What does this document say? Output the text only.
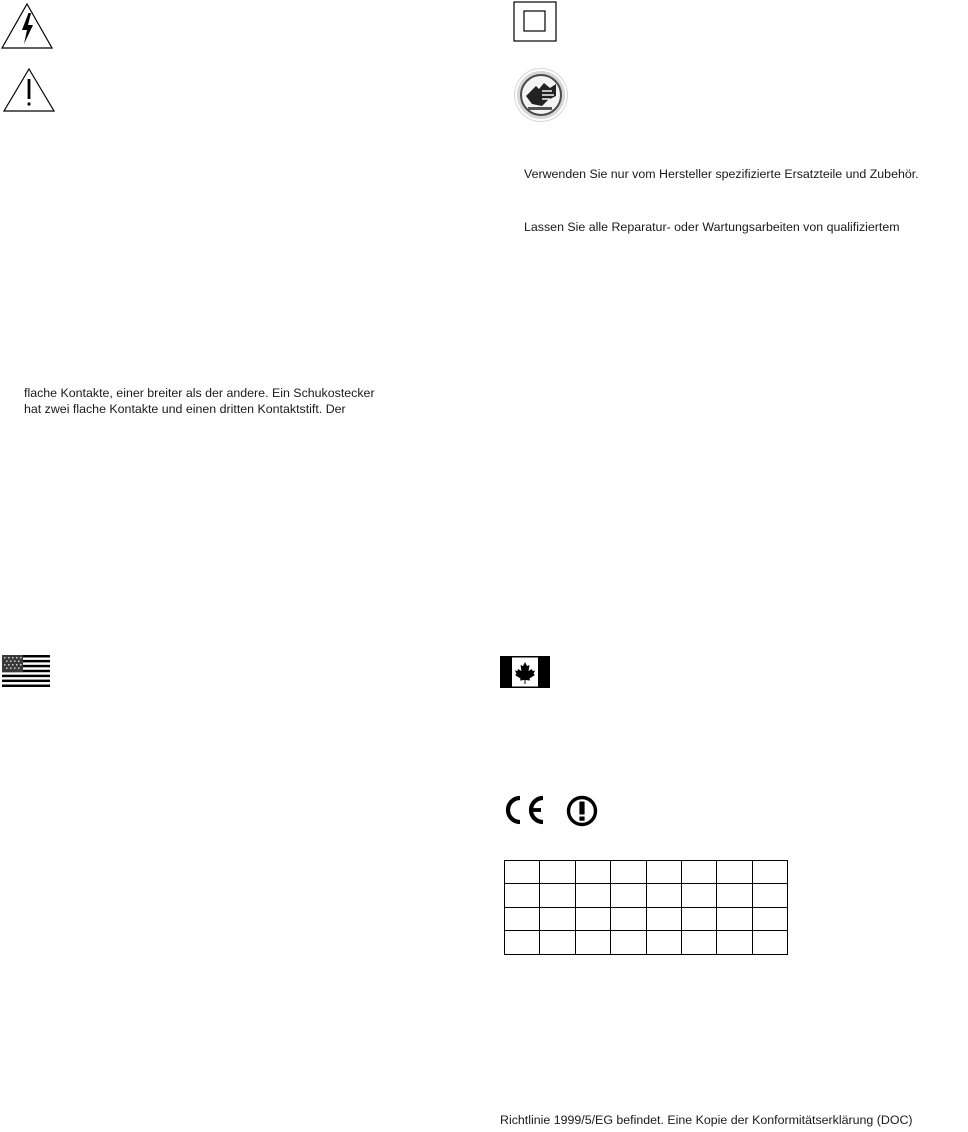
Verwenden Sie nur vom Hersteller spezifizierte Ersatzteile und Zubehör.
Lassen Sie alle Reparatur- oder Wartungsarbeiten von qualifiziertem
flache Kontakte, einer breiter als der andere. Ein Schukostecker
hat zwei flache Kontakte und einen dritten Kontaktstift. Der

Richtlinie 1999/5/EG befindet. Eine Kopie der Konformitätserklärung (DOC)
